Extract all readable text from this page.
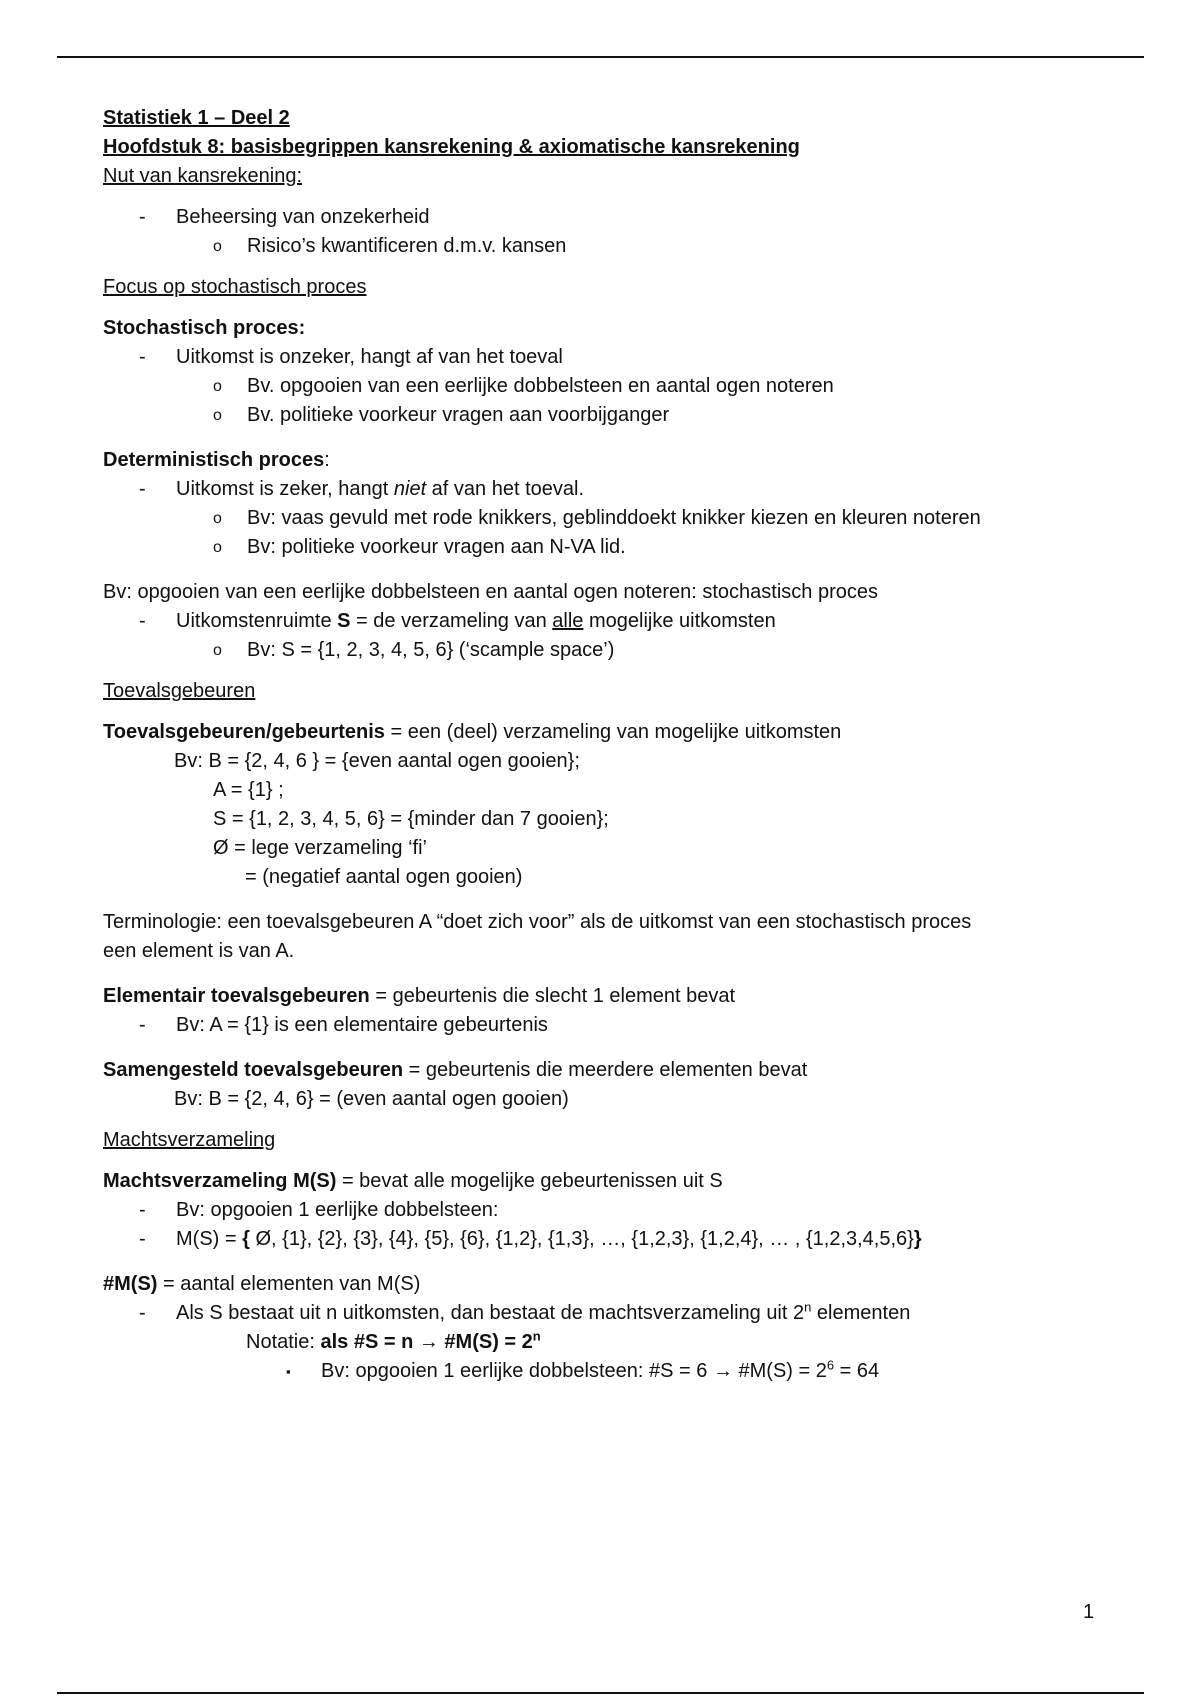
Statistiek 1 – Deel 2
Hoofdstuk 8: basisbegrippen kansrekening & axiomatische kansrekening
Nut van kansrekening:
- Beheersing van onzekerheid
o Risico’s kwantificeren d.m.v. kansen
Focus op stochastisch proces
Stochastisch proces:
- Uitkomst is onzeker, hangt af van het toeval
o Bv. opgooien van een eerlijke dobbelsteen en aantal ogen noteren
o Bv. politieke voorkeur vragen aan voorbijganger
Deterministisch proces:
- Uitkomst is zeker, hangt niet af van het toeval.
o Bv: vaas gevuld met rode knikkers, geblinddoekt knikker kiezen en kleuren noteren
o Bv: politieke voorkeur vragen aan N-VA lid.
Bv: opgooien van een eerlijke dobbelsteen en aantal ogen noteren: stochastisch proces
- Uitkomstenruimte S = de verzameling van alle mogelijke uitkomsten
o Bv: S = {1, 2, 3, 4, 5, 6} (‘scample space’)
Toevalsgebeuren
Toevalsgebeuren/gebeurtenis = een (deel) verzameling van mogelijke uitkomsten
Bv: B = {2, 4, 6 } = {even aantal ogen gooien};
A = {1} ;
S = {1, 2, 3, 4, 5, 6} = {minder dan 7 gooien};
Ø = lege verzameling ‘fi’
= (negatief aantal ogen gooien)
Terminologie: een toevalsgebeuren A “doet zich voor” als de uitkomst van een stochastisch proces
een element is van A.
Elementair toevalsgebeuren = gebeurtenis die slecht 1 element bevat
- Bv: A = {1} is een elementaire gebeurtenis
Samengesteld toevalsgebeuren = gebeurtenis die meerdere elementen bevat
Bv: B = {2, 4, 6} = (even aantal ogen gooien)
Machtsverzameling
Machtsverzameling M(S) = bevat alle mogelijke gebeurtenissen uit S
- Bv: opgooien 1 eerlijke dobbelsteen:
- M(S) = { Ø, {1}, {2}, {3}, {4}, {5}, {6}, {1,2}, {1,3}, …, {1,2,3}, {1,2,4}, … , {1,2,3,4,5,6}}
#M(S) = aantal elementen van M(S)
- Als S bestaat uit n uitkomsten, dan bestaat de machtsverzameling uit 2$^n$ elementen
Notatie: als #S = n → #M(S) = $2^n$
▪ Bv: opgooien 1 eerlijke dobbelsteen: #S = 6 → #M(S) = $2^6 = 64$
1
